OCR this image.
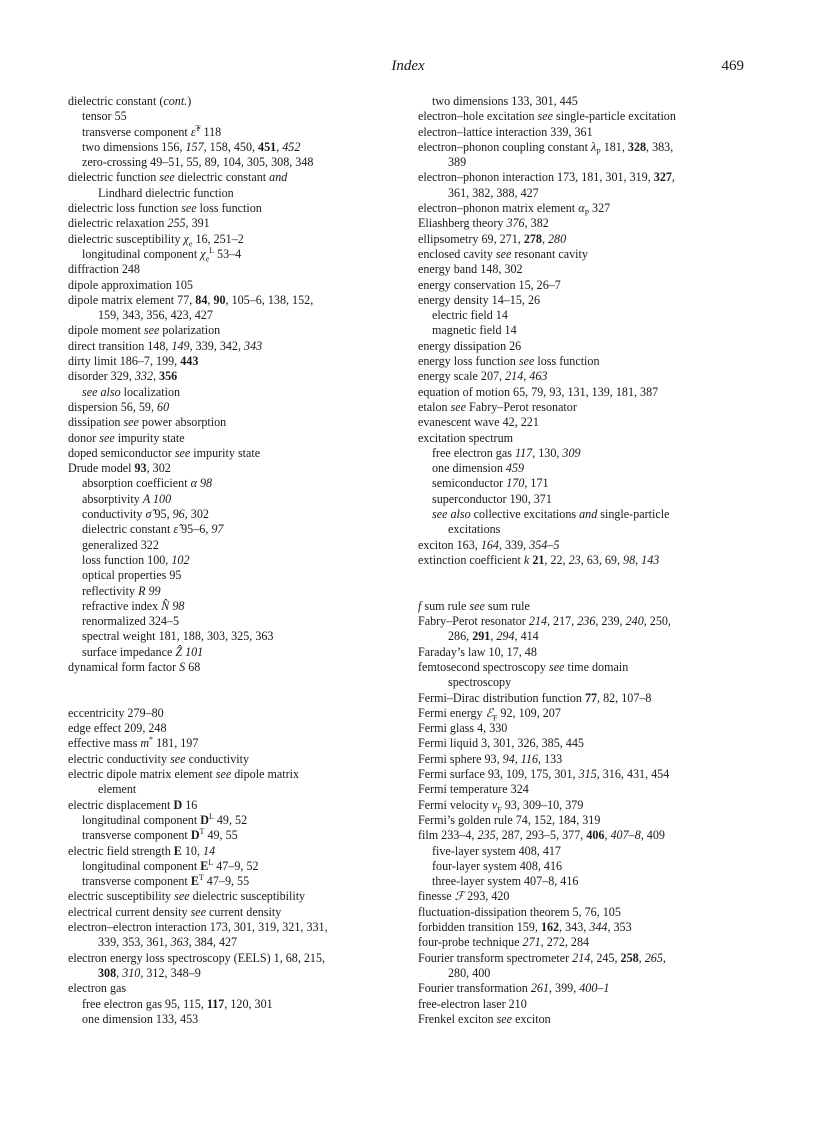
Index	469
dielectric constant (cont.)
tensor 55
transverse component ε̂$^T$ 118
two dimensions 156, 157, 158, 450, 451, 452
zero-crossing 49–51, 55, 89, 104, 305, 308, 348
dielectric function see dielectric constant and
Lindhard dielectric function
dielectric loss function see loss function
dielectric relaxation 255, 391
dielectric susceptibility $\chi_e$ 16, 251–2
longitudinal component $\chi_e^L$ 53–4
diffraction 248
dipole approximation 105
dipole matrix element 77, 84, 90, 105–6, 138, 152,
159, 343, 356, 423, 427
dipole moment see polarization
direct transition 148, 149, 339, 342, 343
dirty limit 186–7, 199, 443
disorder 329, 332, 356
see also localization
dispersion 56, 59, 60
dissipation see power absorption
donor see impurity state
doped semiconductor see impurity state
Drude model 93, 302
absorption coefficient α 98
absorptivity A 100
conductivity σ̂ 95, 96, 302
dielectric constant ε̂ 95–6, 97
generalized 322
loss function 100, 102
optical properties 95
reflectivity R 99
refractive index N̂ 98
renormalized 324–5
spectral weight 181, 188, 303, 325, 363
surface impedance Ẑ 101
dynamical form factor S 68
eccentricity 279–80
edge effect 209, 248
effective mass m* 181, 197
electric conductivity see conductivity
electric dipole matrix element see dipole matrix
element
electric displacement D 16
longitudinal component $D^L$ 49, 52
transverse component $D^T$ 49, 55
electric field strength E 10, 14
longitudinal component $E^L$ 47–9, 52
transverse component $E^T$ 47–9, 55
electric susceptibility see dielectric susceptibility
electrical current density see current density
electron–electron interaction 173, 301, 319, 321, 331,
339, 353, 361, 363, 384, 427
electron energy loss spectroscopy (EELS) 1, 68, 215,
308, 310, 312, 348–9
electron gas
free electron gas 95, 115, 117, 120, 301
one dimension 133, 453
two dimensions 133, 301, 445
electron–hole excitation see single-particle excitation
electron–lattice interaction 339, 361
electron–phonon coupling constant $\lambda_P$ 181, 328, 383,
389
electron–phonon interaction 173, 181, 301, 319, 327,
361, 382, 388, 427
electron–phonon matrix element $\alpha_P$ 327
Eliashberg theory 376, 382
ellipsometry 69, 271, 278, 280
enclosed cavity see resonant cavity
energy band 148, 302
energy conservation 15, 26–7
energy density 14–15, 26
electric field 14
magnetic field 14
energy dissipation 26
energy loss function see loss function
energy scale 207, 214, 463
equation of motion 65, 79, 93, 131, 139, 181, 387
etalon see Fabry–Perot resonator
evanescent wave 42, 221
excitation spectrum
free electron gas 117, 130, 309
one dimension 459
semiconductor 170, 171
superconductor 190, 371
see also collective excitations and single-particle
excitations
exciton 163, 164, 339, 354–5
extinction coefficient k 21, 22, 23, 63, 69, 98, 143
f sum rule see sum rule
Fabry–Perot resonator 214, 217, 236, 239, 240, 250,
286, 291, 294, 414
Faraday’s law 10, 17, 48
femtosecond spectroscopy see time domain
spectroscopy
Fermi–Dirac distribution function 77, 82, 107–8
Fermi energy ℰ$_F$ 92, 109, 207
Fermi glass 4, 330
Fermi liquid 3, 301, 326, 385, 445
Fermi sphere 93, 94, 116, 133
Fermi surface 93, 109, 175, 301, 315, 316, 431, 454
Fermi temperature 324
Fermi velocity $v_F$ 93, 309–10, 379
Fermi’s golden rule 74, 152, 184, 319
film 233–4, 235, 287, 293–5, 377, 406, 407–8, 409
five-layer system 408, 417
four-layer system 408, 416
three-layer system 407–8, 416
finesse ℱ 293, 420
fluctuation-dissipation theorem 5, 76, 105
forbidden transition 159, 162, 343, 344, 353
four-probe technique 271, 272, 284
Fourier transform spectrometer 214, 245, 258, 265,
280, 400
Fourier transformation 261, 399, 400–1
free-electron laser 210
Frenkel exciton see exciton
